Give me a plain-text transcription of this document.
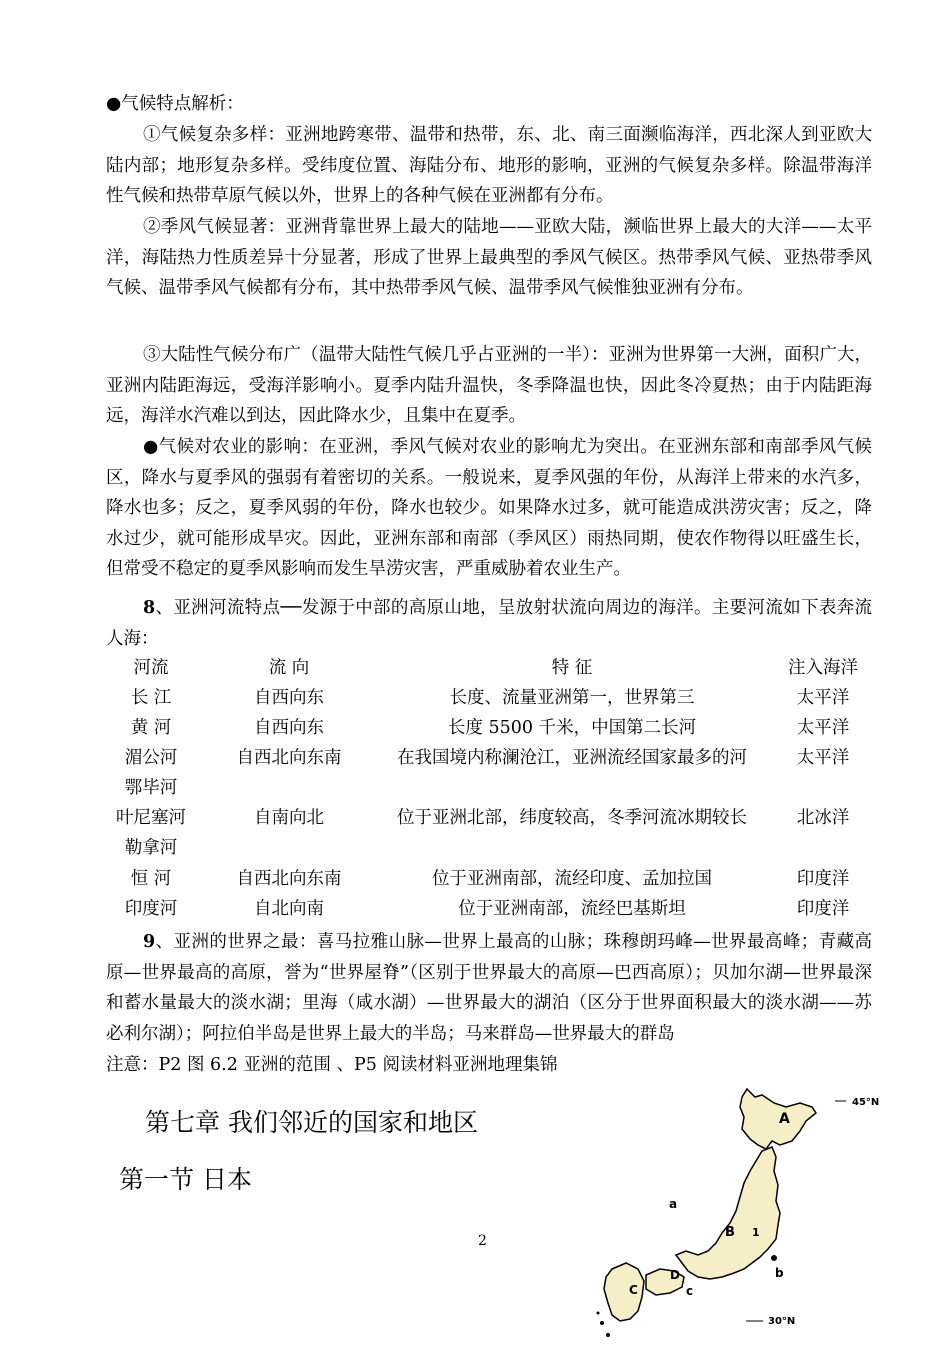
●气候特点解析：

①气候复杂多样：亚洲地跨寒带、温带和热带，东、北、南三面濒临海洋，西北深人到亚欧大陆内部；地形复杂多样。受纬度位置、海陆分布、地形的影响，亚洲的气候复杂多样。除温带海洋性气候和热带草原气候以外，世界上的各种气候在亚洲都有分布。

②季风气候显著：亚洲背靠世界上最大的陆地——亚欧大陆，濒临世界上最大的大洋——太平洋，海陆热力性质差异十分显著，形成了世界上最典型的季风气候区。热带季风气候、亚热带季风气候、温带季风气候都有分布，其中热带季风气候、温带季风气候惟独亚洲有分布。

③大陆性气候分布广（温带大陆性气候几乎占亚洲的一半）：亚洲为世界第一大洲，面积广大，亚洲内陆距海远，受海洋影响小。夏季内陆升温快，冬季降温也快，因此冬冷夏热；由于内陆距海远，海洋水汽难以到达，因此降水少，且集中在夏季。

●气候对农业的影响：在亚洲，季风气候对农业的影响尤为突出。在亚洲东部和南部季风气候区，降水与夏季风的强弱有着密切的关系。一般说来，夏季风强的年份，从海洋上带来的水汽多，降水也多；反之，夏季风弱的年份，降水也较少。如果降水过多，就可能造成洪涝灾害；反之，降水过少，就可能形成旱灾。因此，亚洲东部和南部（季风区）雨热同期，使农作物得以旺盛生长，但常受不稳定的夏季风影响而发生旱涝灾害，严重威胁着农业生产。

8、亚洲河流特点──发源于中部的高原山地，呈放射状流向周边的海洋。主要河流如下表奔流人海：

河流	流 向	特 征	注入海洋
长 江	自西向东	长度、流量亚洲第一，世界第三	太平洋
黄 河	自西向东	长度 5500 千米，中国第二长河	太平洋
湄公河	自西北向东南	在我国境内称澜沧江，亚洲流经国家最多的河	太平洋
鄂毕河
叶尼塞河	自南向北	位于亚洲北部，纬度较高，冬季河流冰期较长	北冰洋
勒拿河
恒 河	自西北向东南	位于亚洲南部，流经印度、孟加拉国	印度洋
印度河	自北向南	位于亚洲南部，流经巴基斯坦	印度洋

9、亚洲的世界之最：喜马拉雅山脉—世界上最高的山脉；珠穆朗玛峰—世界最高峰；青藏高原—世界最高的高原，誉为“世界屋脊”（区别于世界最大的高原—巴西高原）；贝加尔湖—世界最深和蓄水量最大的淡水湖；里海（咸水湖）—世界最大的湖泊（区分于世界面积最大的淡水湖——苏必利尔湖）；阿拉伯半岛是世界上最大的半岛；马来群岛—世界最大的群岛

注意：P2 图 6.2 亚洲的范围 、P5 阅读材料亚洲地理集锦

第七章 我们邻近的国家和地区
第一节 日本
2
45°N
30°N
A
B 1
C
D
a
b
c
